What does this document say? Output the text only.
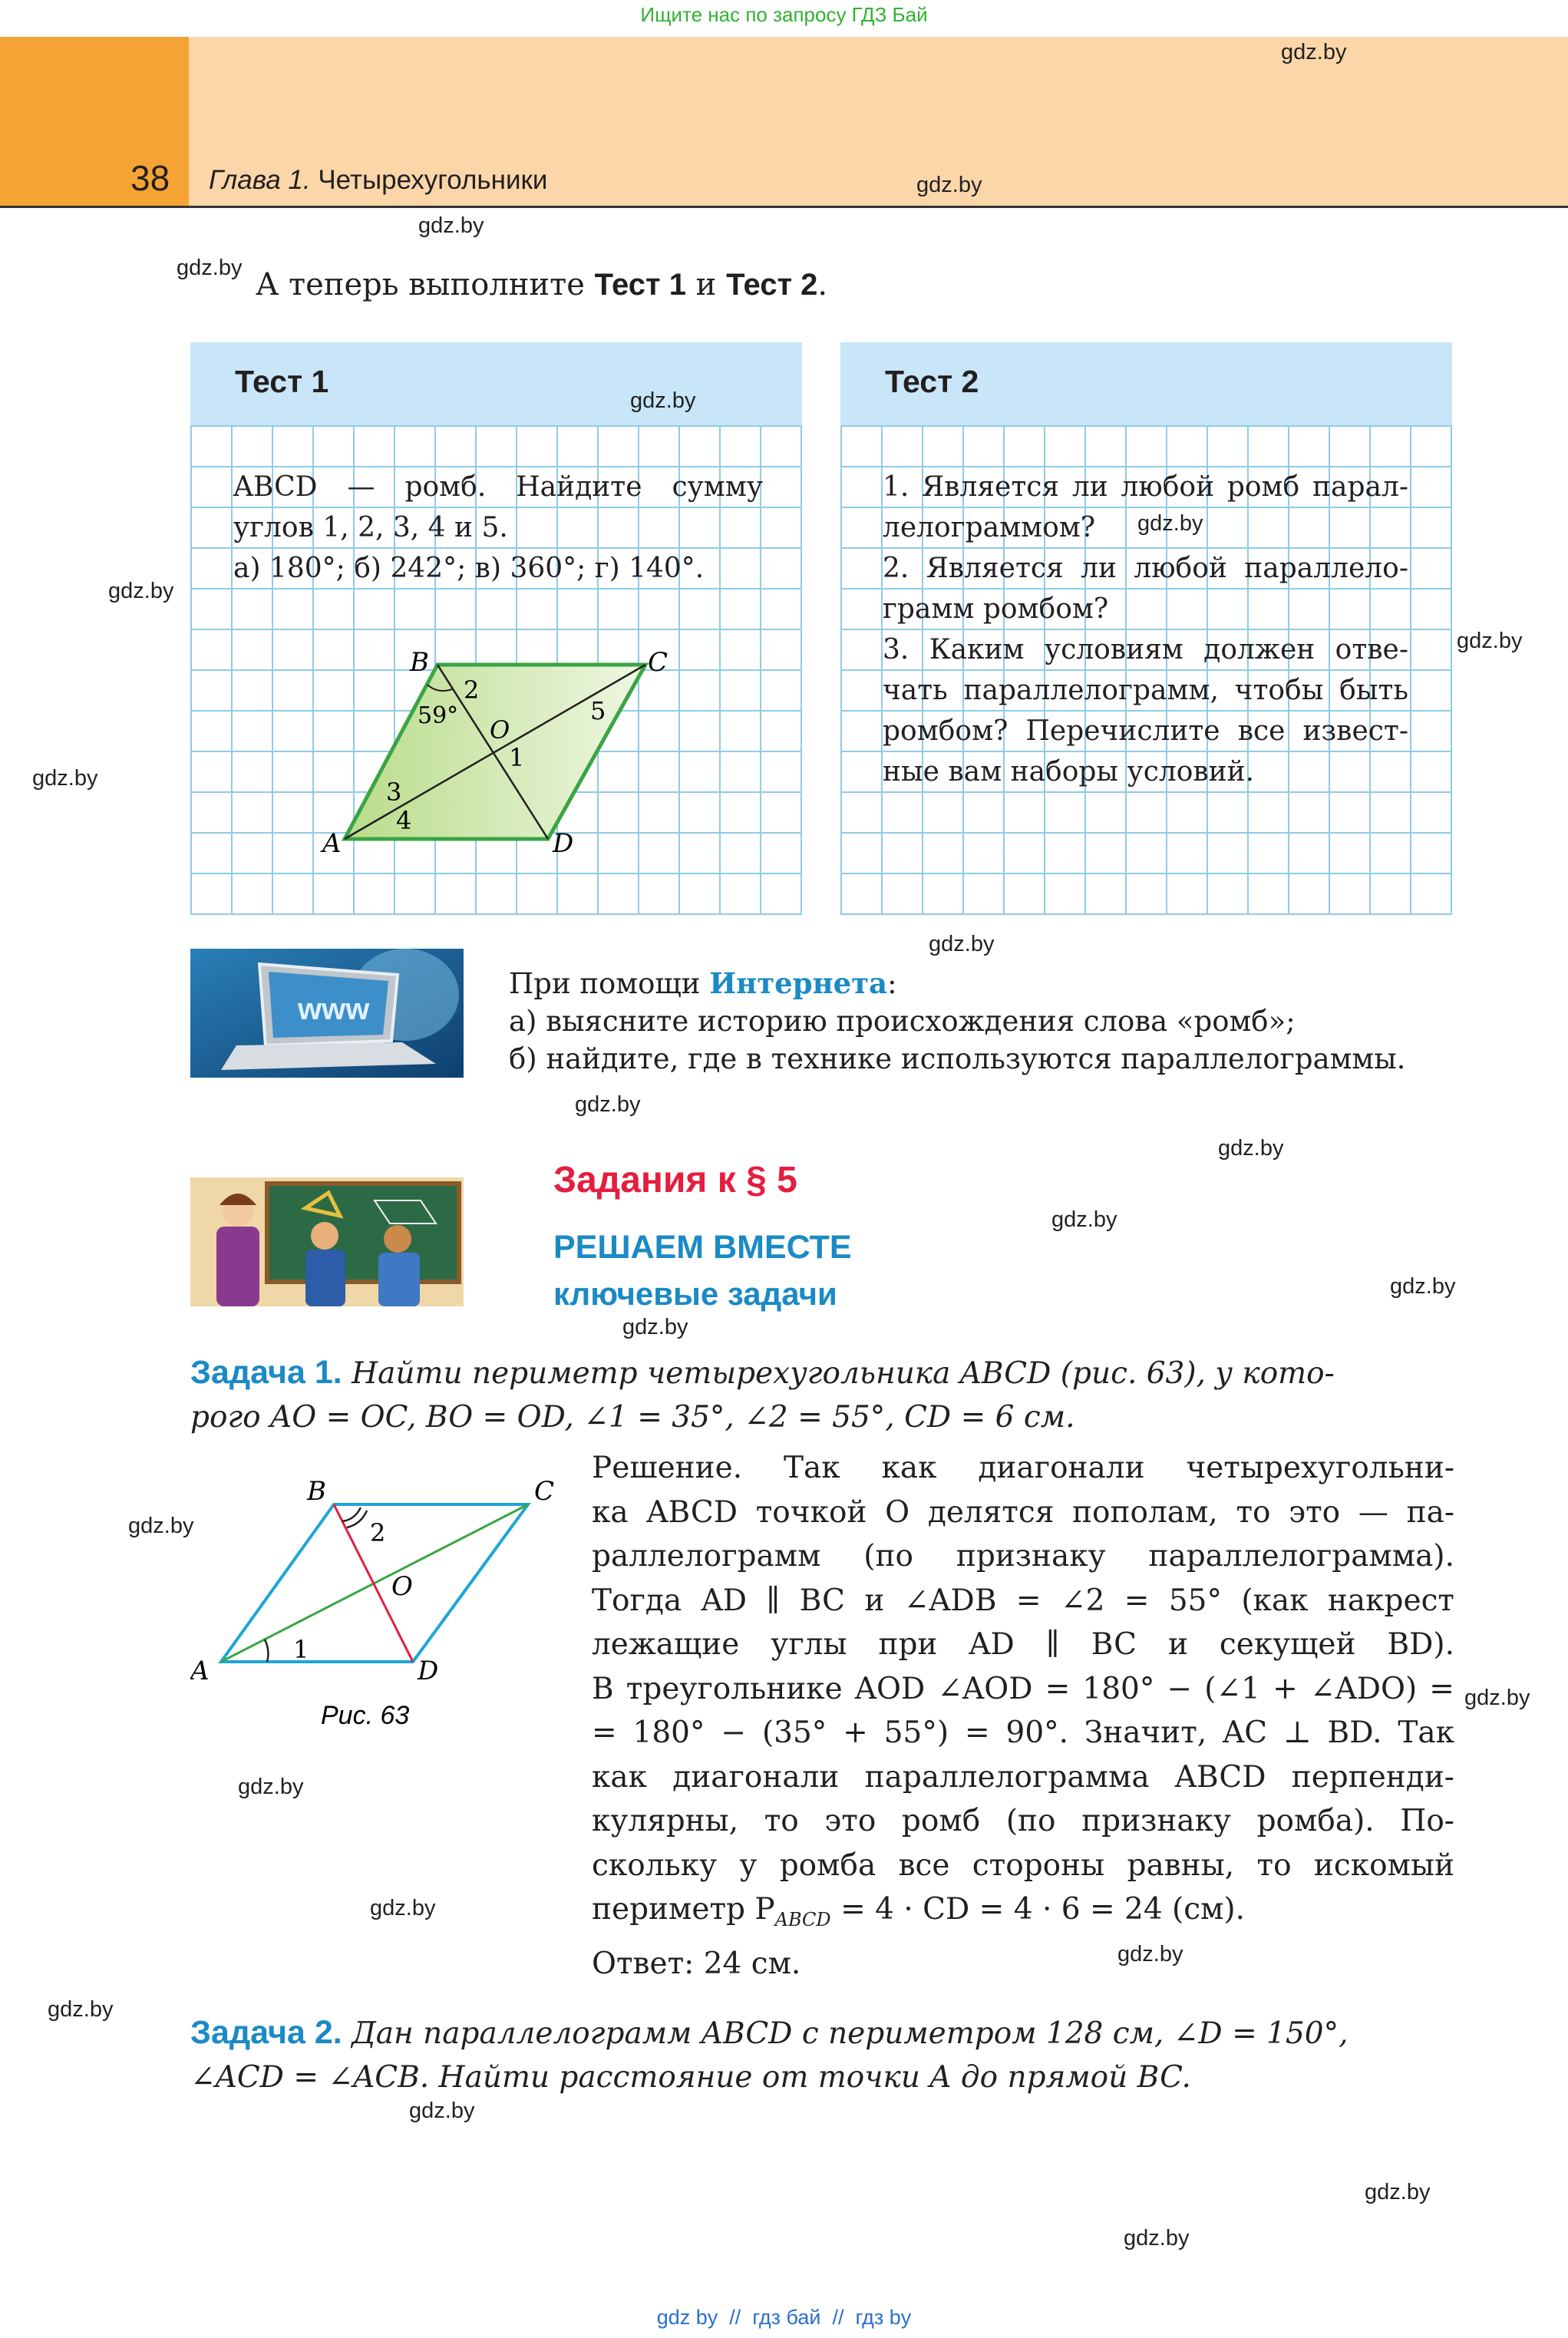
Ищите нас по запросу ГДЗ Бай
38 Глава 1. Четырехугольники
А теперь выполните Тест 1 и Тест 2.
Тест 1
ABCD — ромб. Найдите сумму
углов 1, 2, 3, 4 и 5.
а) 180°; б) 242°; в) 360°; г) 140°.
B	C
A	D
O
1
2
3
4
5
59°
Тест 2
1. Является ли любой ромб парал-
лелограммом?
2. Является ли любой параллело-
грамм ромбом?
3. Каким условиям должен отве-
чать параллелограмм, чтобы быть
ромбом? Перечислите все извест-
ные вам наборы условий.
www
При помощи Интернета:
а) выясните историю происхождения слова «ромб»;
б) найдите, где в технике используются параллелограммы.
Задания к § 5
РЕШАЕМ ВМЕСТЕ
ключевые задачи
Задача 1. Найти периметр четырехугольника ABCD (рис. 63), у кото-
рого AO = OC, BO = OD, ∠1 = 35°, ∠2 = 55°, CD = 6 см.
B	C
A	D
O
1
2
Рис. 63
Решение. Так как диагонали четырехугольни-
ка ABCD точкой O делятся пополам, то это — па-
раллелограмм (по признаку параллелограмма).
Тогда AD ∥ BC и ∠ADB = ∠2 = 55° (как накрест
лежащие углы при AD ∥ BC и секущей BD).
В треугольнике AOD ∠AOD = 180° − (∠1 + ∠ADO) =
= 180° − (35° + 55°) = 90°. Значит, AC ⊥ BD. Так
как диагонали параллелограмма ABCD перпенди-
кулярны, то это ромб (по признаку ромба). По-
скольку у ромба все стороны равны, то искомый
периметр $P_{ABCD} = 4$ · CD = 4 · 6 = 24 (см).
Ответ: 24 см.
Задача 2. Дан параллелограмм ABCD с периметром 128 см, ∠D = 150°,
∠ACD = ∠ACB. Найти расстояние от точки A до прямой BC.
gdz.by
gdz.by
gdz.by
gdz.by
gdz.by
gdz.by
gdz.by
gdz.by
gdz.by
gdz.by
gdz.by
gdz.by
gdz.by
gdz.by
gdz.by
gdz.by
gdz.by
gdz.by
gdz.by
gdz.by
gdz.by
gdz.by
gdz.by
gdz.by
gdz by  //  гдз бай  //  гдз by
